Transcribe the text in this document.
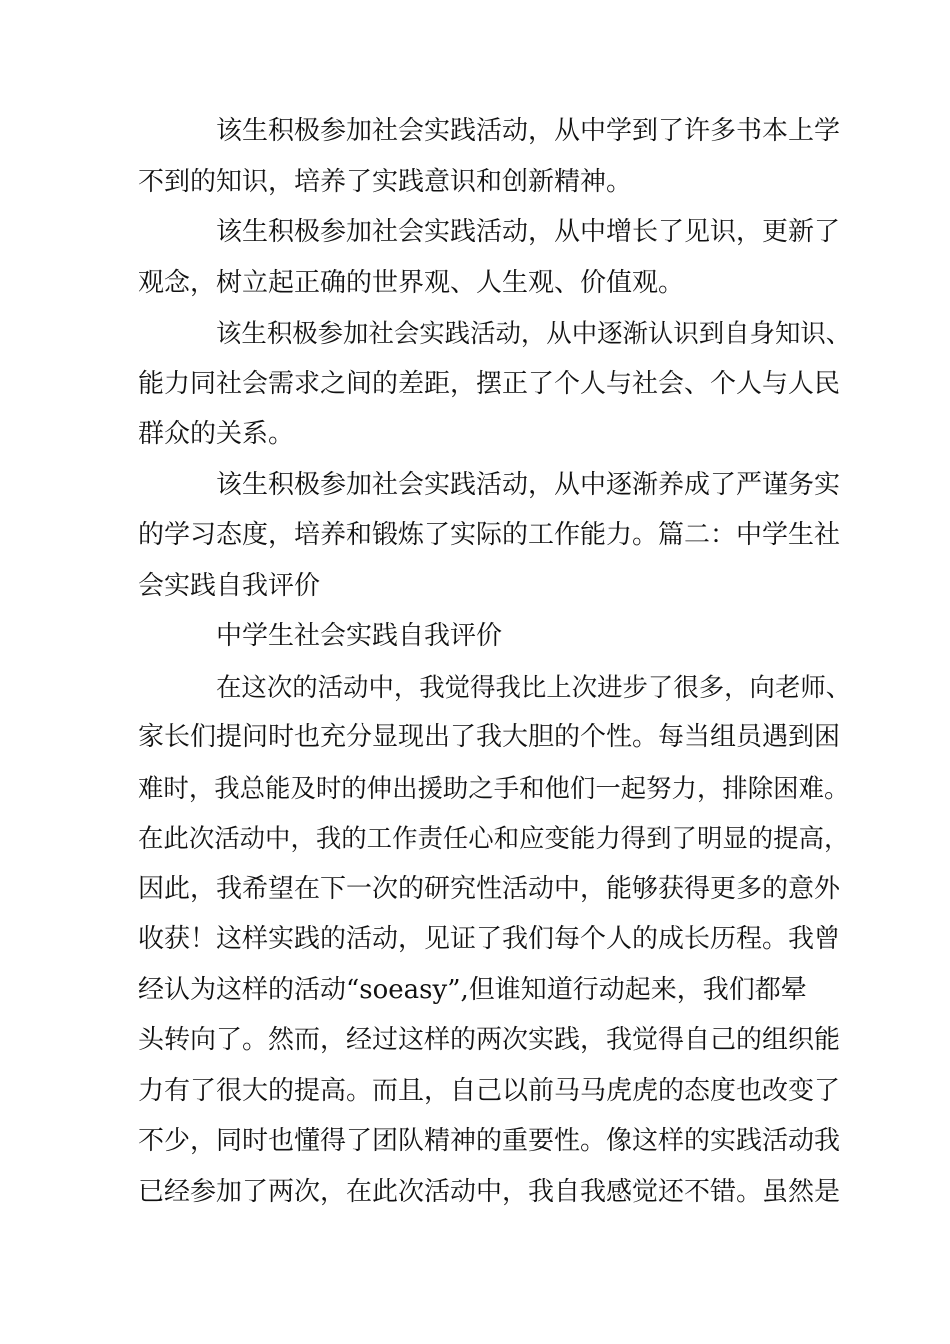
该生积极参加社会实践活动，从中学到了许多书本上学
不到的知识，培养了实践意识和创新精神。
该生积极参加社会实践活动，从中增长了见识，更新了
观念，树立起正确的世界观、人生观、价值观。
该生积极参加社会实践活动，从中逐渐认识到自身知识、
能力同社会需求之间的差距，摆正了个人与社会、个人与人民
群众的关系。
该生积极参加社会实践活动，从中逐渐养成了严谨务实
的学习态度，培养和锻炼了实际的工作能力。篇二：中学生社
会实践自我评价
中学生社会实践自我评价
在这次的活动中，我觉得我比上次进步了很多，向老师、
家长们提问时也充分显现出了我大胆的个性。每当组员遇到困
难时，我总能及时的伸出援助之手和他们一起努力，排除困难。
在此次活动中，我的工作责任心和应变能力得到了明显的提高，
因此，我希望在下一次的研究性活动中，能够获得更多的意外
收获！这样实践的活动，见证了我们每个人的成长历程。我曾
经认为这样的活动“soeasy”,但谁知道行动起来，我们都晕
头转向了。然而，经过这样的两次实践，我觉得自己的组织能
力有了很大的提高。而且，自己以前马马虎虎的态度也改变了
不少，同时也懂得了团队精神的重要性。像这样的实践活动我
已经参加了两次，在此次活动中，我自我感觉还不错。虽然是
